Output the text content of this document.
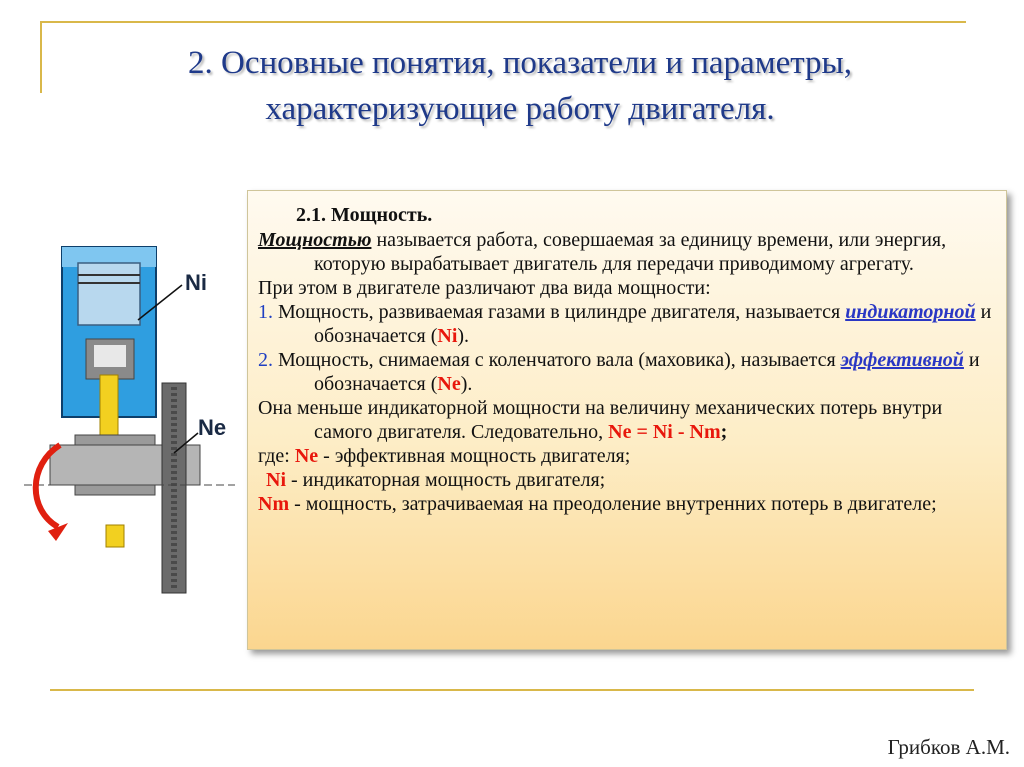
2. Основные понятия, показатели и параметры,
характеризующие работу двигателя.
Ni
Ne

2.1. Мощность.

Мощностью называется работа, совершаемая за единицу времени, или энергия, которую вырабатывает двигатель для передачи приводимому агрегату.

При этом в двигателе различают два вида мощности:

1. Мощность, развиваемая газами в цилиндре двигателя, называется индикаторной и обозначается (Ni).

2. Мощность, снимаемая с коленчатого вала (маховика), называется эффективной и обозначается (Ne).

Она меньше индикаторной мощности на величину механических потерь внутри самого двигателя. Следовательно, Ne = Ni - Nm;

где: Ne - эффективная мощность двигателя;

Ni - индикаторная мощность двигателя;

Nm - мощность, затрачиваемая на преодоление внутренних потерь в двигателе;

Грибков А.М.
